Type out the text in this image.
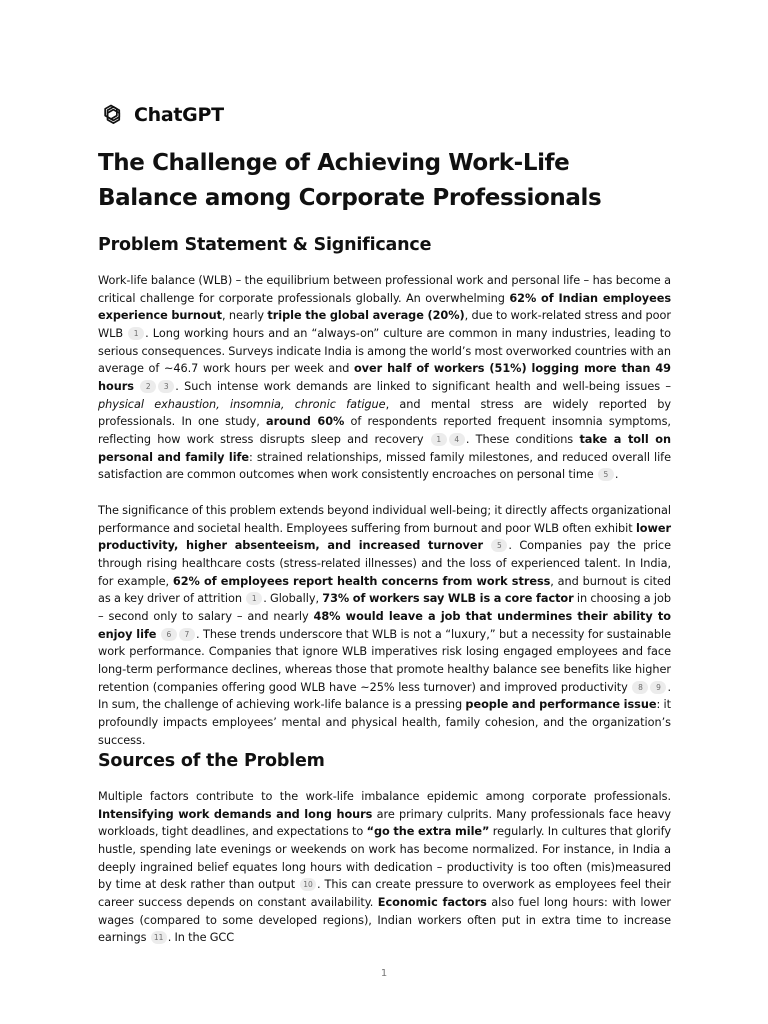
ChatGPT
The Challenge of Achieving Work-Life Balance among Corporate Professionals
Problem Statement & Significance

Work-life balance (WLB) – the equilibrium between professional work and personal life – has become a critical challenge for corporate professionals globally. An overwhelming 62% of Indian employees experience burnout, nearly triple the global average (20%), due to work-related stress and poor WLB 1 . Long working hours and an “always-on” culture are common in many industries, leading to serious consequences. Surveys indicate India is among the world’s most overworked countries with an average of ~46.7 work hours per week and over half of workers (51%) logging more than 49 hours 2 3 . Such intense work demands are linked to significant health and well-being issues – physical exhaustion, insomnia, chronic fatigue, and mental stress are widely reported by professionals. In one study, around 60% of respondents reported frequent insomnia symptoms, reflecting how work stress disrupts sleep and recovery 1 4 . These conditions take a toll on personal and family life: strained relationships, missed family milestones, and reduced overall life satisfaction are common outcomes when work consistently encroaches on personal time 5 .

The significance of this problem extends beyond individual well-being; it directly affects organizational performance and societal health. Employees suffering from burnout and poor WLB often exhibit lower productivity, higher absenteeism, and increased turnover 5 . Companies pay the price through rising healthcare costs (stress-related illnesses) and the loss of experienced talent. In India, for example, 62% of employees report health concerns from work stress, and burnout is cited as a key driver of attrition 1 . Globally, 73% of workers say WLB is a core factor in choosing a job – second only to salary – and nearly 48% would leave a job that undermines their ability to enjoy life 6 7 . These trends underscore that WLB is not a “luxury,” but a necessity for sustainable work performance. Companies that ignore WLB imperatives risk losing engaged employees and face long-term performance declines, whereas those that promote healthy balance see benefits like higher retention (companies offering good WLB have ~25% less turnover) and improved productivity 8 9 . In sum, the challenge of achieving work-life balance is a pressing people and performance issue: it profoundly impacts employees’ mental and physical health, family cohesion, and the organization’s success.

Sources of the Problem

Multiple factors contribute to the work-life imbalance epidemic among corporate professionals. Intensifying work demands and long hours are primary culprits. Many professionals face heavy workloads, tight deadlines, and expectations to “go the extra mile” regularly. In cultures that glorify hustle, spending late evenings or weekends on work has become normalized. For instance, in India a deeply ingrained belief equates long hours with dedication – productivity is too often (mis)measured by time at desk rather than output 10 . This can create pressure to overwork as employees feel their career success depends on constant availability. Economic factors also fuel long hours: with lower wages (compared to some developed regions), Indian workers often put in extra time to increase earnings 11 . In the GCC

1
